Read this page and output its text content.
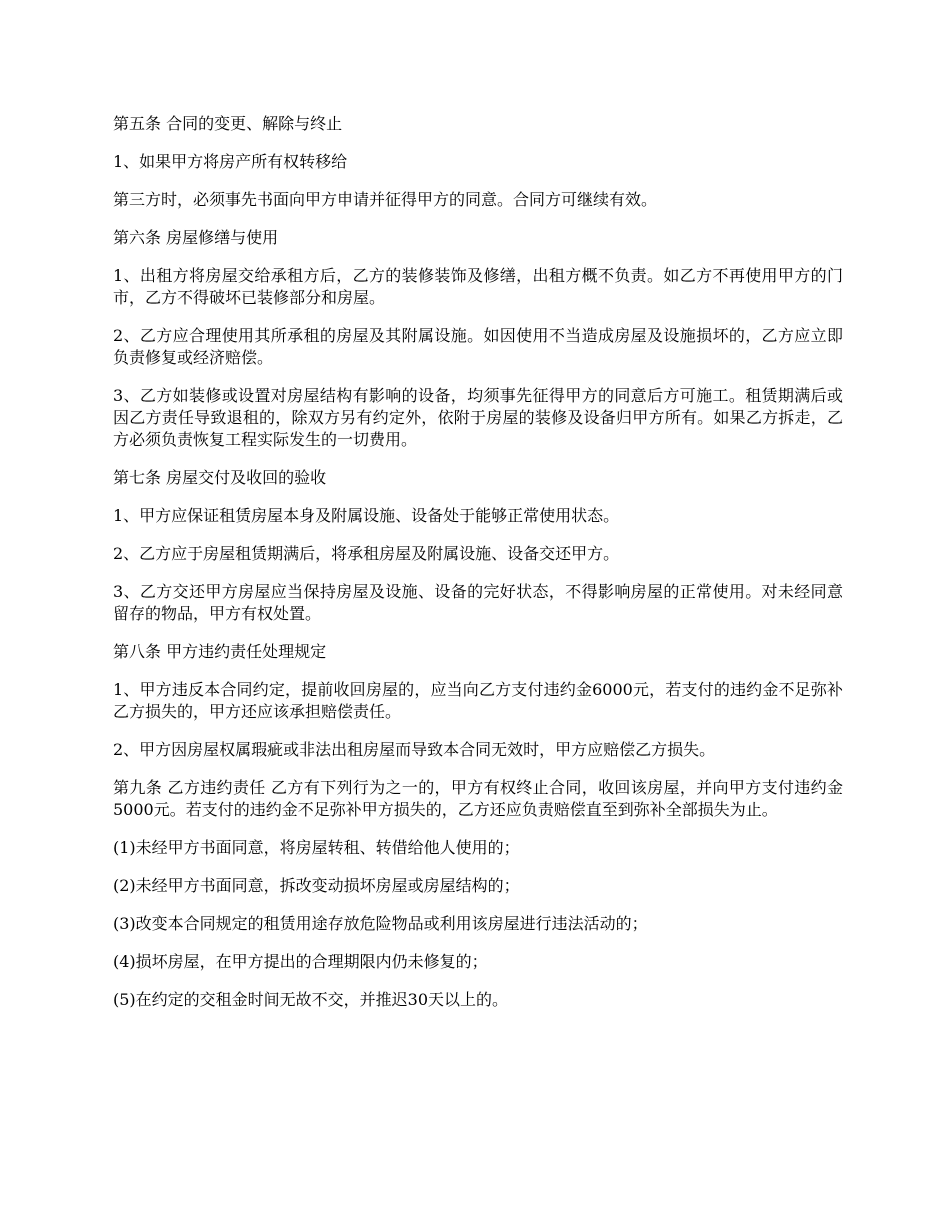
第五条 合同的变更、解除与终止

1、如果甲方将房产所有权转移给

第三方时，必须事先书面向甲方申请并征得甲方的同意。合同方可继续有效。

第六条 房屋修缮与使用

1、出租方将房屋交给承租方后，乙方的装修装饰及修缮，出租方概不负责。如乙方不再使用甲方的门市，乙方不得破坏已装修部分和房屋。

2、乙方应合理使用其所承租的房屋及其附属设施。如因使用不当造成房屋及设施损坏的，乙方应立即负责修复或经济赔偿。

3、乙方如装修或设置对房屋结构有影响的设备，均须事先征得甲方的同意后方可施工。租赁期满后或因乙方责任导致退租的，除双方另有约定外，依附于房屋的装修及设备归甲方所有。如果乙方拆走，乙方必须负责恢复工程实际发生的一切费用。

第七条 房屋交付及收回的验收

1、甲方应保证租赁房屋本身及附属设施、设备处于能够正常使用状态。

2、乙方应于房屋租赁期满后，将承租房屋及附属设施、设备交还甲方。

3、乙方交还甲方房屋应当保持房屋及设施、设备的完好状态，不得影响房屋的正常使用。对未经同意留存的物品，甲方有权处置。

第八条 甲方违约责任处理规定

1、甲方违反本合同约定，提前收回房屋的，应当向乙方支付违约金6000元，若支付的违约金不足弥补乙方损失的，甲方还应该承担赔偿责任。

2、甲方因房屋权属瑕疵或非法出租房屋而导致本合同无效时，甲方应赔偿乙方损失。

第九条 乙方违约责任 乙方有下列行为之一的，甲方有权终止合同，收回该房屋，并向甲方支付违约金5000元。若支付的违约金不足弥补甲方损失的，乙方还应负责赔偿直至到弥补全部损失为止。

(1)未经甲方书面同意，将房屋转租、转借给他人使用的；

(2)未经甲方书面同意，拆改变动损坏房屋或房屋结构的；

(3)改变本合同规定的租赁用途存放危险物品或利用该房屋进行违法活动的；

(4)损坏房屋，在甲方提出的合理期限内仍未修复的；

(5)在约定的交租金时间无故不交，并推迟30天以上的。
